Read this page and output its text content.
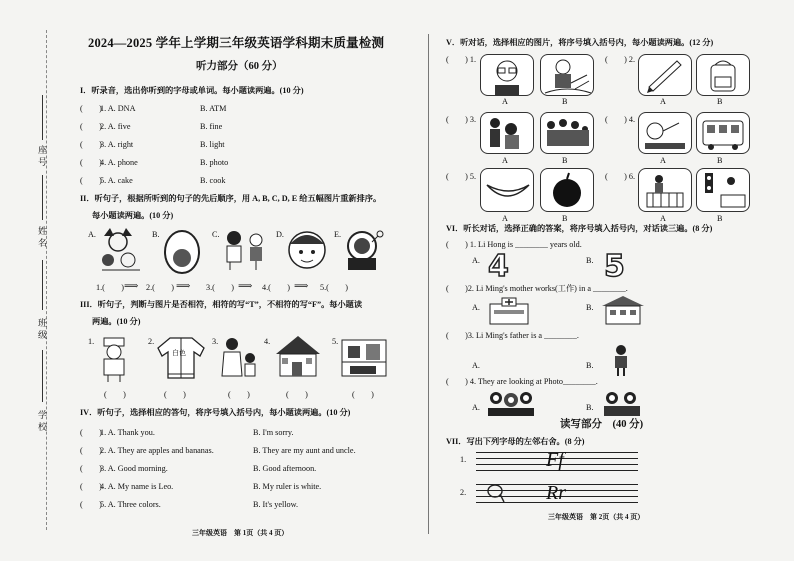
学
校
班
级
姓
名
座
号
2024—2025 学年上学期三年级英语学科期末质量检测
听力部分（60 分）
I．听录音，选出你听到的字母或单词。每小题读两遍。(10 分)
(　　)
1. A. DNA	B. ATM
(　　)
2. A. five	B. fine
(　　)
3. A. right	B. light
(　　)
4. A. phone	B. photo
(　　)
5. A. cake	B. cook
II．听句子，根据所听到的句子的先后顺序，用 A, B, C, D, E 给五幅图片重新排序。
每小题读两遍。(10 分)
A.	B.	C.	D.	E.
1.(　　) ⟹ 2.(　　) ⟹ 3.(　　) ⟹ 4.(　　) ⟹ 5.(　　)
III．听句子，判断与图片是否相符，相符的写“T”，不相符的写“F”。每小题读
两遍。(10 分)
1.	2.
白色
3.	4.	5.
(　　)	(　　)	(　　)	(　　)	(　　)
IV．听句子，选择相应的答句，将序号填入括号内，每小题读两遍。(10 分)
(　　)
1. A. Thank you.	B. I'm sorry.
(　　)
2. A. They are apples and bananas.	B. They are my aunt and uncle.
(　　)
3. A. Good morning.	B. Good afternoon.
(　　)
4. A. My name is Leo.	B. My ruler is white.
(　　)
5. A. Three colors.	B. It's yellow.
三年级英语　第 1页（共 4 页）
V．听对话，选择相应的图片，将序号填入括号内，每小题读两遍。(12 分)
(　　) 1.
A	B
(　　) 2.
A	B
(　　) 3.
A	B
(　　) 4.
A	B
(　　) 5.
A	B
(　　) 6.
A	B
VI．听长对话，选择正确的答案，将序号填入括号内，对话读三遍。(8 分)
(　　) 1. Li Hong is ________ years old.
A. 4	B. 5
(　　)2. Li Ming's mother works(工作) in a ________.
A.	B.
(　　)3. Li Ming's father is a ________.
A.	B.
(　　) 4. They are looking at Photo________.
A.	B.
读写部分　(40 分)
VII．写出下列字母的左邻右舍。(8 分)
1.	Ff
2.	Rr
三年级英语　第 2页（共 4 页）
